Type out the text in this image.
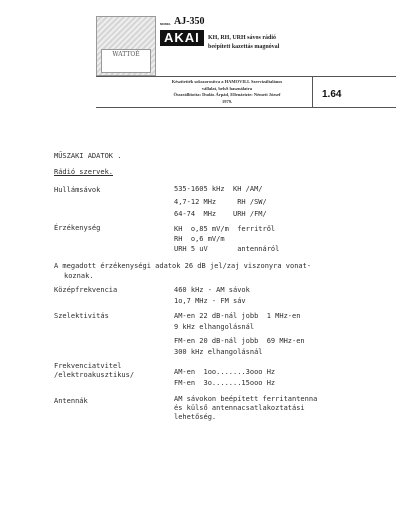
WATTOÉ
MODEL AJ-350
AKAI	KH, RH, URH sávos rádió
beépített kazettás magnóval
Készítették sokszorosítva a HAMOVILL Szervizáltalános
vállalat, belsS használatra
Összeállította: Dudás Árpád, Ellenárizte: Németi József
1979.
1.64
MŰSZAKI ADATOK .
Rádió szervek.
Hullámsávok	535-1605 kHz  KH /AM/
4,7-12 MHz     RH /SW/
64-74  MHz    URH /FM/
Érzékenység	KH  o,85 mV/m  ferritről
RH  o,6 mV/m
URH 5 uV       antennáról
A megadott érzékenységi adatok 26 dB jel/zaj viszonyra vonat-
koznak.
Középfrekvencia	460 kHz - AM sávok
1o,7 MHz - FM sáv
Szelektivitás	AM-en 22 dB-nál jobb  1 MHz-en
9 kHz elhangolásnál
FM-en 20 dB-nál jobb  69 MHz-en
300 kHz elhangolásnál
Frekvenciatvitel
/elektroakusztikus/	AM-en  1oo.......3ooo Hz
FM-en  3o.......15ooo Hz
Antennák	AM sávokon beépített ferritantenna
és külső antennacsatlakoztatási
lehetőség.
